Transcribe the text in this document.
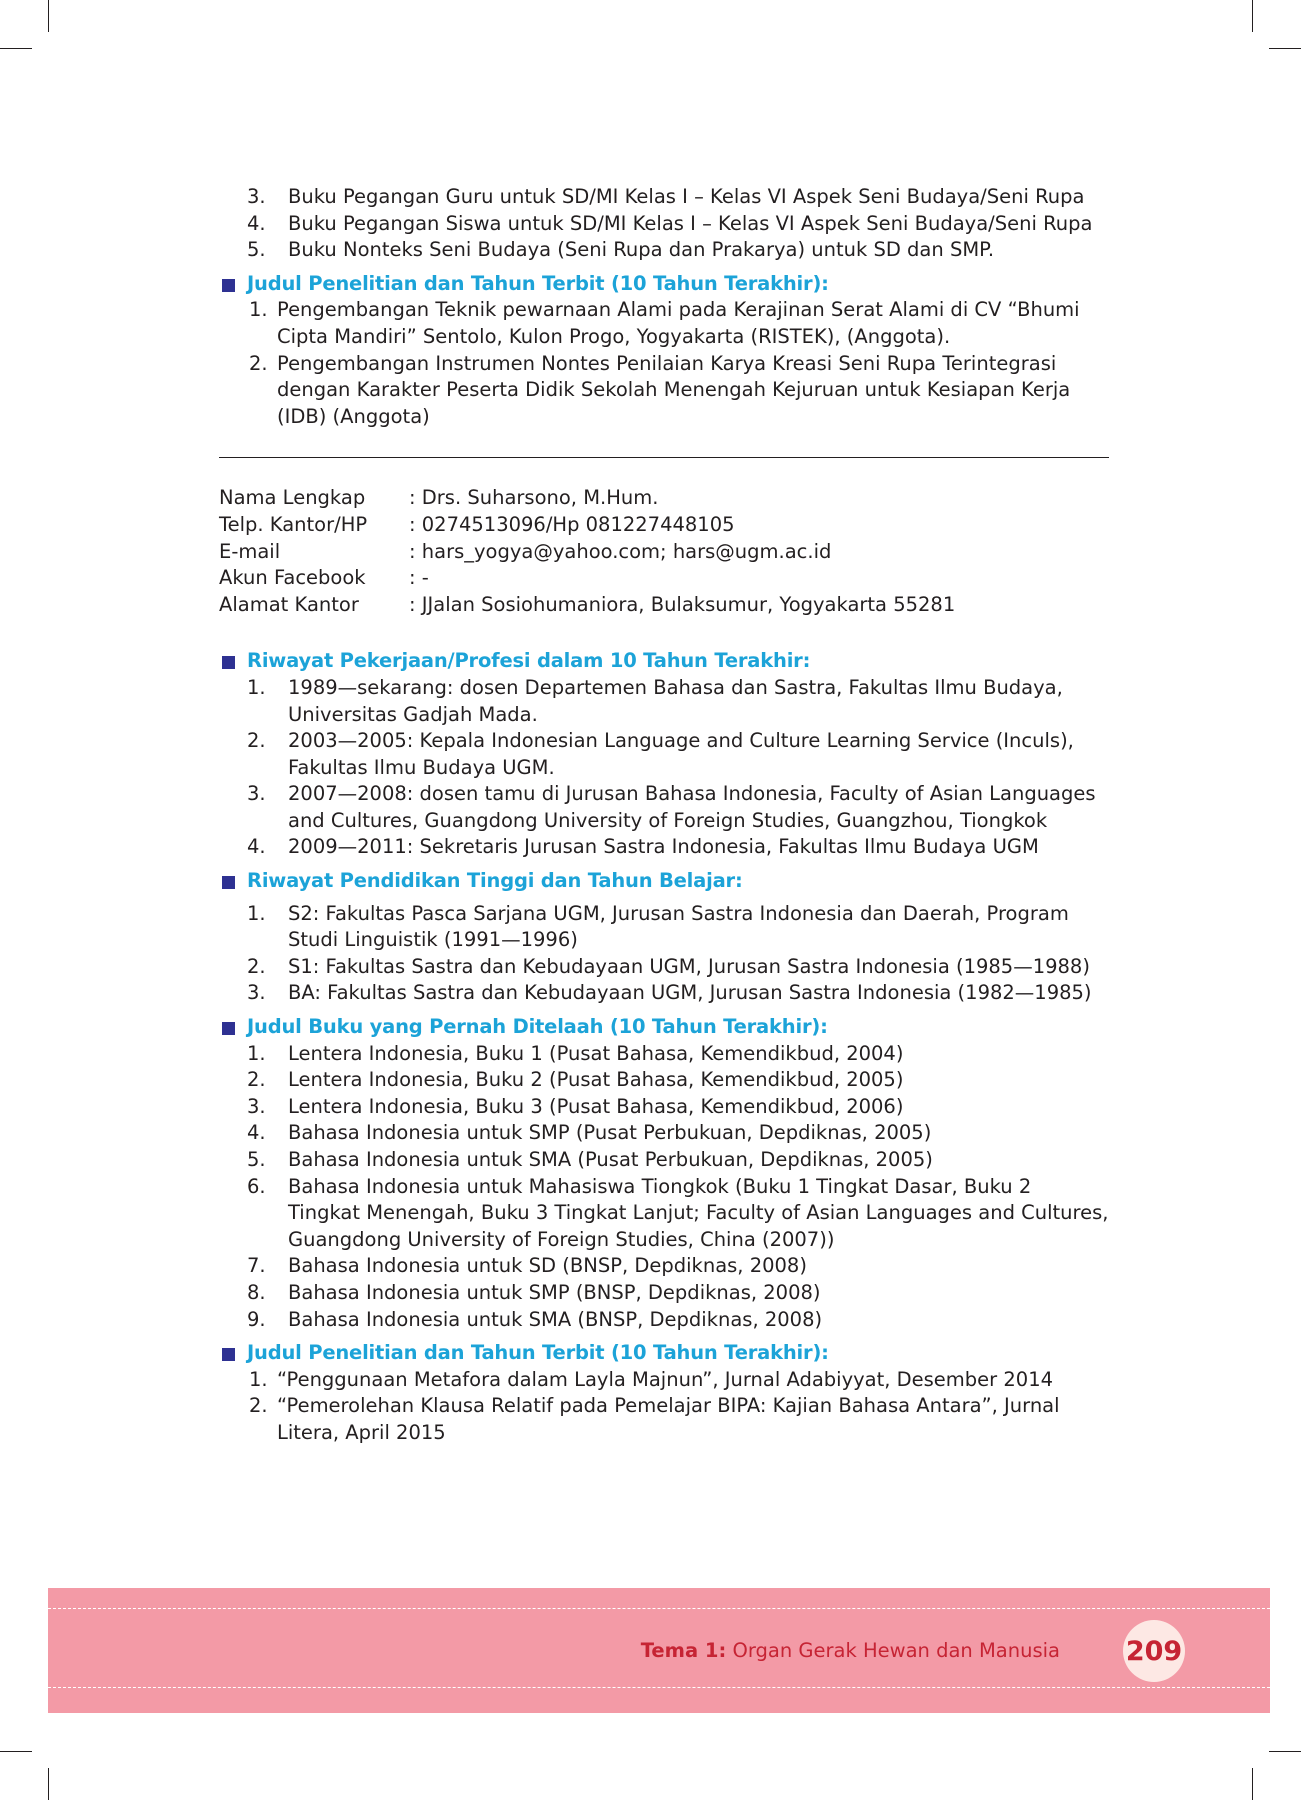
3. Buku Pegangan Guru untuk SD/MI Kelas I – Kelas VI Aspek Seni Budaya/Seni Rupa
4. Buku Pegangan Siswa untuk SD/MI Kelas I – Kelas VI Aspek Seni Budaya/Seni Rupa
5. Buku Nonteks Seni Budaya (Seni Rupa dan Prakarya) untuk SD dan SMP.
Judul Penelitian dan Tahun Terbit (10 Tahun Terakhir):
1. Pengembangan Teknik pewarnaan Alami pada Kerajinan Serat Alami di CV “Bhumi Cipta Mandiri” Sentolo, Kulon Progo, Yogyakarta (RISTEK), (Anggota).
2. Pengembangan Instrumen Nontes Penilaian Karya Kreasi Seni Rupa Terintegrasi dengan Karakter Peserta Didik Sekolah Menengah Kejuruan untuk Kesiapan Kerja (IDB) (Anggota)
Nama Lengkap	: Drs. Suharsono, M.Hum.
Telp. Kantor/HP	: 0274513096/Hp 081227448105
E-mail	: hars_yogya@yahoo.com; hars@ugm.ac.id
Akun Facebook	: -
Alamat Kantor	: JJalan Sosiohumaniora, Bulaksumur, Yogyakarta 55281
Riwayat Pekerjaan/Profesi dalam 10 Tahun Terakhir:
1. 1989—sekarang: dosen Departemen Bahasa dan Sastra, Fakultas Ilmu Budaya, Universitas Gadjah Mada.
2. 2003—2005: Kepala Indonesian Language and Culture Learning Service (Inculs), Fakultas Ilmu Budaya UGM.
3. 2007—2008: dosen tamu di Jurusan Bahasa Indonesia, Faculty of Asian Languages and Cultures, Guangdong University of Foreign Studies, Guangzhou, Tiongkok
4. 2009—2011: Sekretaris Jurusan Sastra Indonesia, Fakultas Ilmu Budaya UGM
Riwayat Pendidikan Tinggi dan Tahun Belajar:
1. S2: Fakultas Pasca Sarjana UGM, Jurusan Sastra Indonesia dan Daerah, Program Studi Linguistik (1991—1996)
2. S1: Fakultas Sastra dan Kebudayaan UGM, Jurusan Sastra Indonesia (1985—1988)
3. BA: Fakultas Sastra dan Kebudayaan UGM, Jurusan Sastra Indonesia (1982—1985)
Judul Buku yang Pernah Ditelaah (10 Tahun Terakhir):
1. Lentera Indonesia, Buku 1 (Pusat Bahasa, Kemendikbud, 2004)
2. Lentera Indonesia, Buku 2 (Pusat Bahasa, Kemendikbud, 2005)
3. Lentera Indonesia, Buku 3 (Pusat Bahasa, Kemendikbud, 2006)
4. Bahasa Indonesia untuk SMP (Pusat Perbukuan, Depdiknas, 2005)
5. Bahasa Indonesia untuk SMA (Pusat Perbukuan, Depdiknas, 2005)
6. Bahasa Indonesia untuk Mahasiswa Tiongkok (Buku 1 Tingkat Dasar, Buku 2 Tingkat Menengah, Buku 3 Tingkat Lanjut; Faculty of Asian Languages and Cultures, Guangdong University of Foreign Studies, China (2007))
7. Bahasa Indonesia untuk SD (BNSP, Depdiknas, 2008)
8. Bahasa Indonesia untuk SMP (BNSP, Depdiknas, 2008)
9. Bahasa Indonesia untuk SMA (BNSP, Depdiknas, 2008)
Judul Penelitian dan Tahun Terbit (10 Tahun Terakhir):
1. “Penggunaan Metafora dalam Layla Majnun”, Jurnal Adabiyyat, Desember 2014
2. “Pemerolehan Klausa Relatif pada Pemelajar BIPA: Kajian Bahasa Antara”, Jurnal Litera, April 2015
Tema 1: Organ Gerak Hewan dan Manusia 209
